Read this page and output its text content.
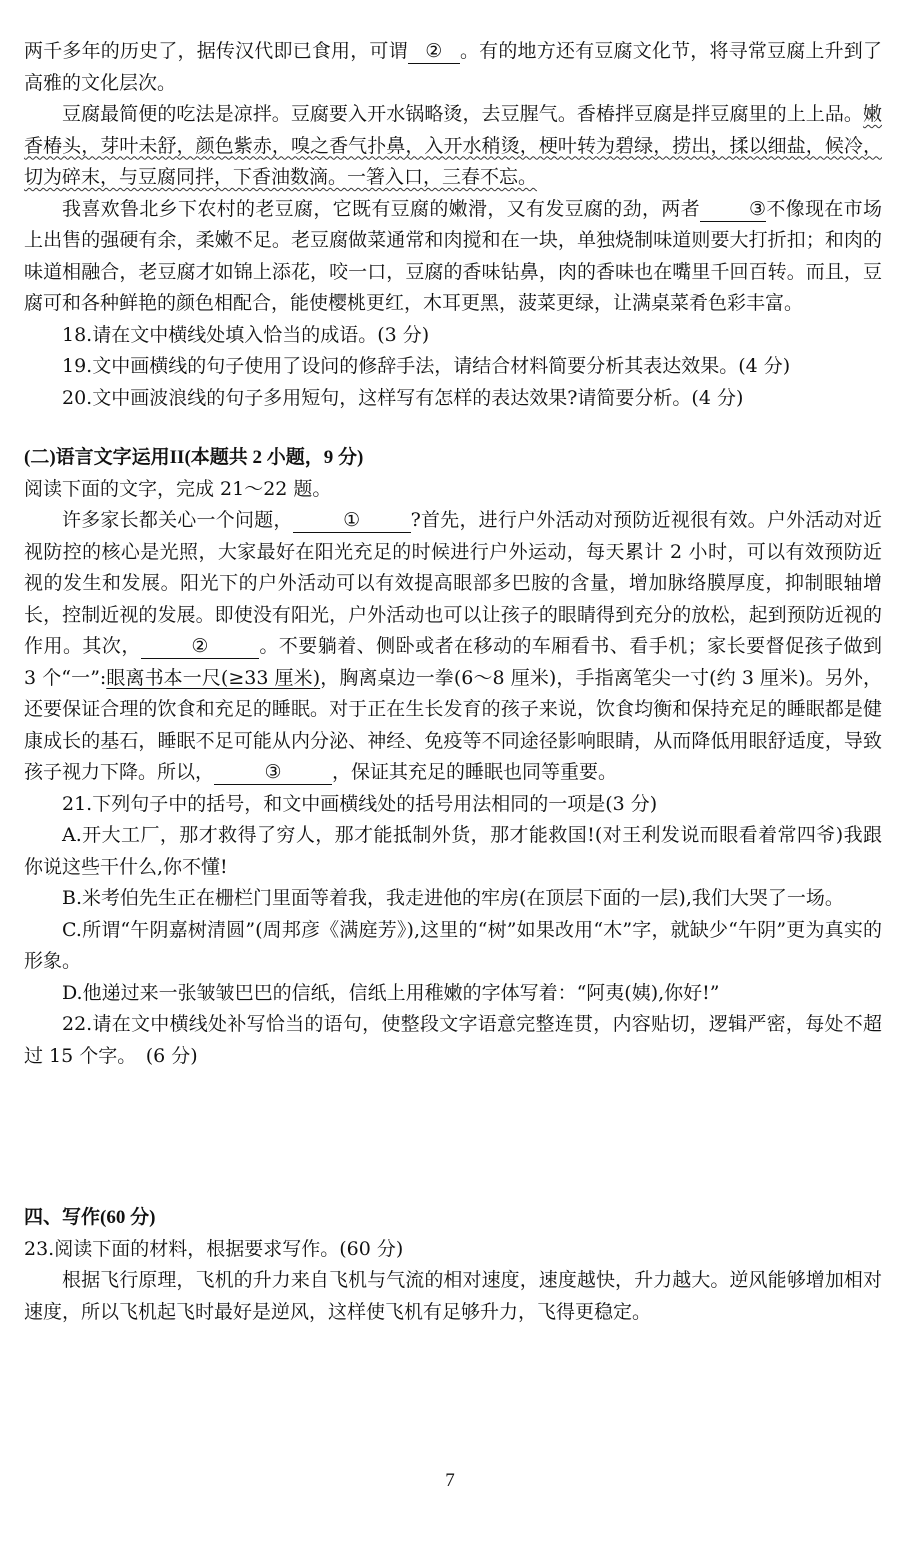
两千多年的历史了，据传汉代即已食用，可谓 ② 。有的地方还有豆腐文化节，将寻常豆腐上升到了高雅的文化层次。

豆腐最简便的吃法是凉拌。豆腐要入开水锅略烫，去豆腥气。香椿拌豆腐是拌豆腐里的上上品。嫩香椿头，芽叶未舒，颜色紫赤，嗅之香气扑鼻，入开水稍烫，梗叶转为碧绿，捞出，揉以细盐，候冷，切为碎末，与豆腐同拌，下香油数滴。一箸入口，三春不忘。

我喜欢鲁北乡下农村的老豆腐，它既有豆腐的嫩滑，又有发豆腐的劲，两者	③不像现在市场上出售的强硬有余，柔嫩不足。老豆腐做菜通常和肉搅和在一块，单独烧制味道则要大打折扣；和肉的味道相融合，老豆腐才如锦上添花，咬一口，豆腐的香味钻鼻，肉的香味也在嘴里千回百转。而且，豆腐可和各种鲜艳的颜色相配合，能使樱桃更红，木耳更黑，菠菜更绿，让满桌菜肴色彩丰富。

18.请在文中横线处填入恰当的成语。(3 分)

19.文中画横线的句子使用了设问的修辞手法，请结合材料简要分析其表达效果。(4 分)

20.文中画波浪线的句子多用短句，这样写有怎样的表达效果?请简要分析。(4 分)

(二)语言文字运用II(本题共 2 小题，9 分)

阅读下面的文字，完成 21～22 题。

许多家长都关心一个问题，	①	?首先，进行户外活动对预防近视很有效。户外活动对近视防控的核心是光照，大家最好在阳光充足的时候进行户外运动，每天累计 2 小时，可以有效预防近视的发生和发展。阳光下的户外活动可以有效提高眼部多巴胺的含量，增加脉络膜厚度，抑制眼轴增长，控制近视的发展。即使没有阳光，户外活动也可以让孩子的眼睛得到充分的放松，起到预防近视的作用。其次，	②	。不要躺着、侧卧或者在移动的车厢看书、看手机；家长要督促孩子做到 3 个“一”:眼离书本一尺(≥33 厘米)，胸离桌边一拳(6～8 厘米)，手指离笔尖一寸(约 3 厘米)。另外，还要保证合理的饮食和充足的睡眠。对于正在生长发育的孩子来说，饮食均衡和保持充足的睡眠都是健康成长的基石，睡眠不足可能从内分泌、神经、免疫等不同途径影响眼睛，从而降低用眼舒适度，导致孩子视力下降。所以，	③	，保证其充足的睡眠也同等重要。

21.下列句子中的括号，和文中画横线处的括号用法相同的一项是(3 分)

A.开大工厂，那才救得了穷人，那才能抵制外货，那才能救国!(对王利发说而眼看着常四爷)我跟你说这些干什么,你不懂!

B.米考伯先生正在栅栏门里面等着我，我走进他的牢房(在顶层下面的一层),我们大哭了一场。

C.所谓“午阴嘉树清圆”(周邦彦《满庭芳》),这里的“树”如果改用“木”字，就缺少“午阴”更为真实的形象。

D.他递过来一张皱皱巴巴的信纸，信纸上用稚嫩的字体写着：“阿夷(姨),你好!”

22.请在文中横线处补写恰当的语句，使整段文字语意完整连贯，内容贴切，逻辑严密，每处不超过 15 个字。　(6 分)

四、写作(60 分)

23.阅读下面的材料，根据要求写作。(60 分)

根据飞行原理，飞机的升力来自飞机与气流的相对速度，速度越快，升力越大。逆风能够增加相对速度，所以飞机起飞时最好是逆风，这样使飞机有足够升力，飞得更稳定。

7
